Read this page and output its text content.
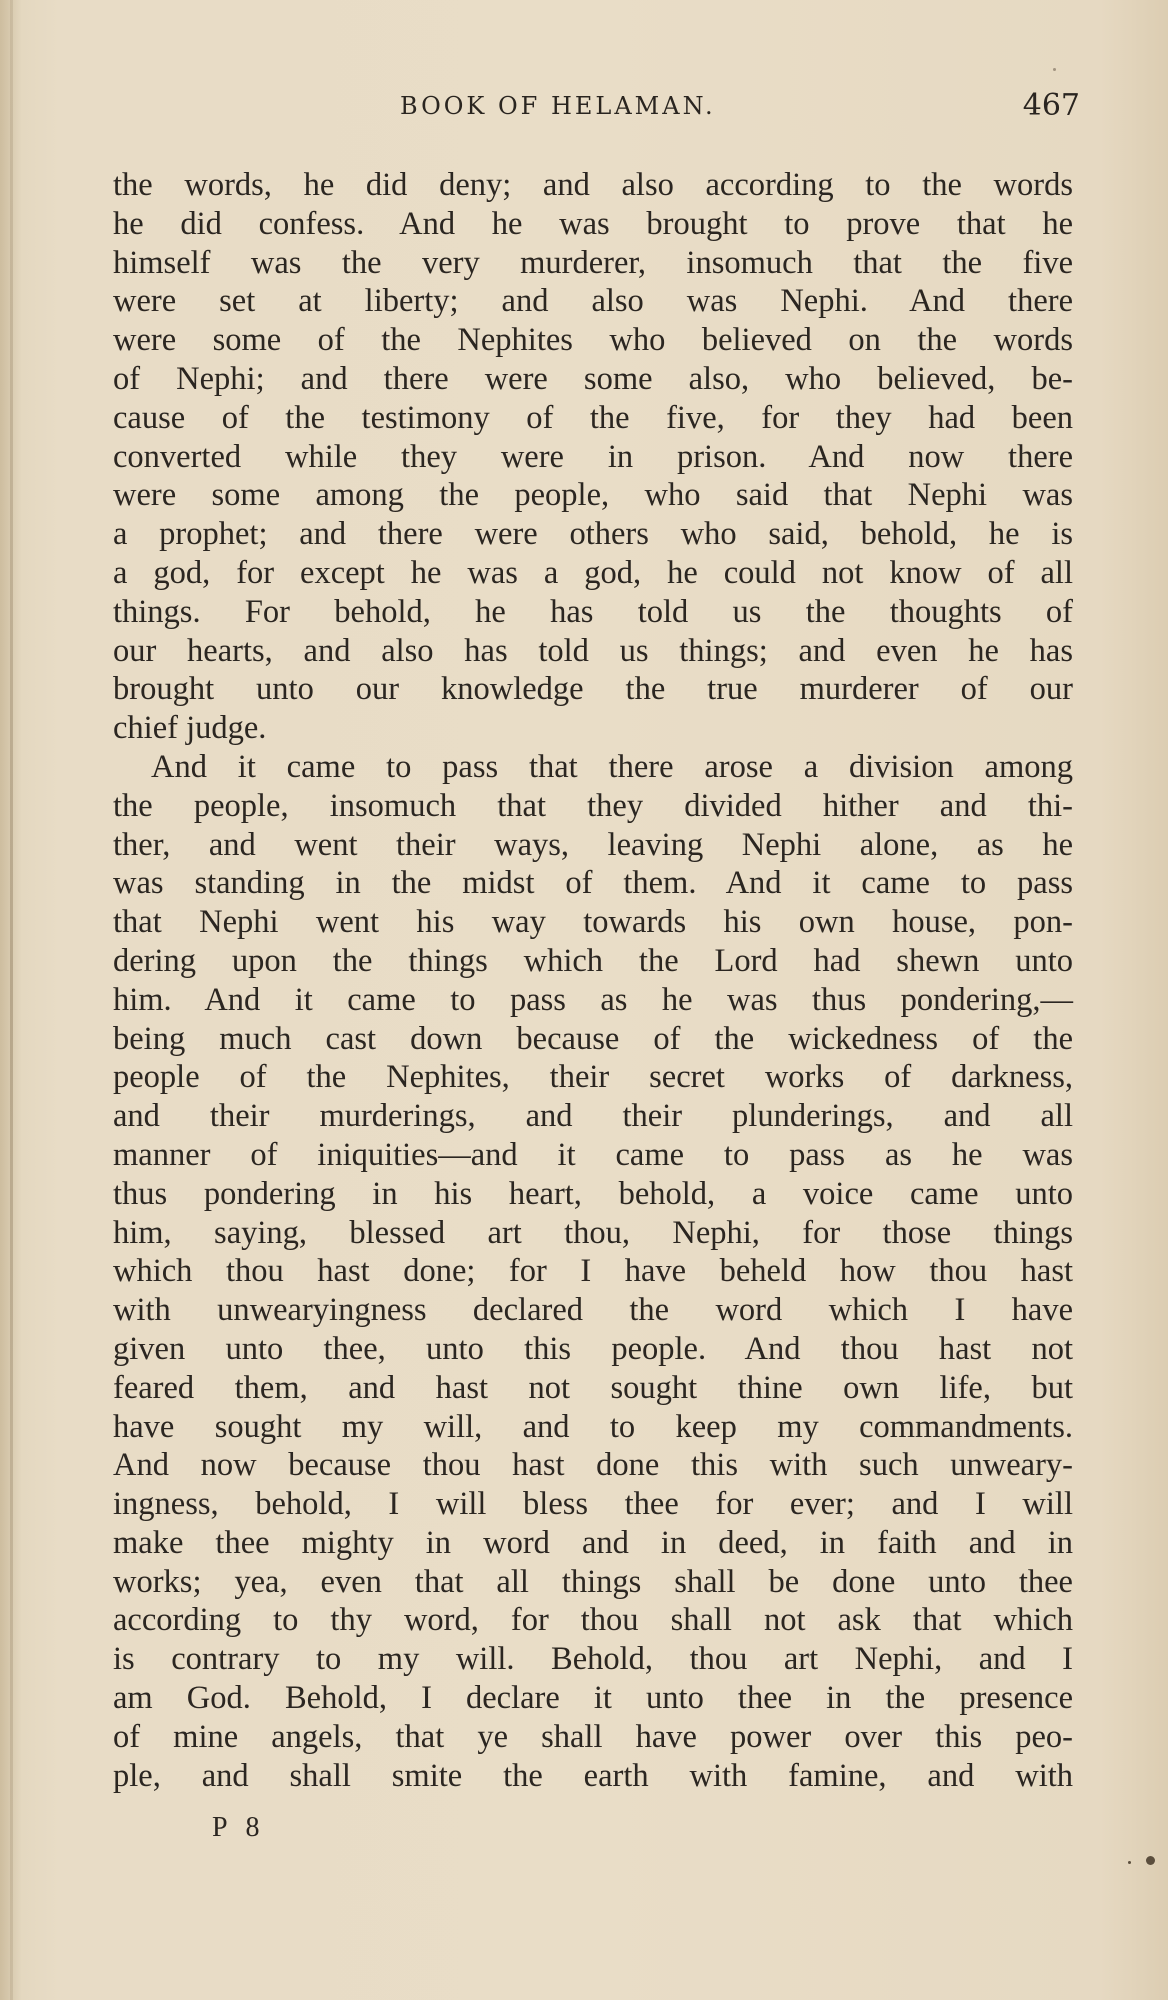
BOOK OF HELAMAN.	467
the words, he did deny; and also according to the words
he did confess. And he was brought to prove that he
himself was the very murderer, insomuch that the five
were set at liberty; and also was Nephi. And there
were some of the Nephites who believed on the words
of Nephi; and there were some also, who believed, be-
cause of the testimony of the five, for they had been
converted while they were in prison. And now there
were some among the people, who said that Nephi was
a prophet; and there were others who said, behold, he is
a god, for except he was a god, he could not know of all
things. For behold, he has told us the thoughts of
our hearts, and also has told us things; and even he has
brought unto our knowledge the true murderer of our
chief judge.
And it came to pass that there arose a division among
the people, insomuch that they divided hither and thi-
ther, and went their ways, leaving Nephi alone, as he
was standing in the midst of them. And it came to pass
that Nephi went his way towards his own house, pon-
dering upon the things which the Lord had shewn unto
him. And it came to pass as he was thus pondering,—
being much cast down because of the wickedness of the
people of the Nephites, their secret works of darkness,
and their murderings, and their plunderings, and all
manner of iniquities—and it came to pass as he was
thus pondering in his heart, behold, a voice came unto
him, saying, blessed art thou, Nephi, for those things
which thou hast done; for I have beheld how thou hast
with unwearyingness declared the word which I have
given unto thee, unto this people. And thou hast not
feared them, and hast not sought thine own life, but
have sought my will, and to keep my commandments.
And now because thou hast done this with such unweary-
ingness, behold, I will bless thee for ever; and I will
make thee mighty in word and in deed, in faith and in
works; yea, even that all things shall be done unto thee
according to thy word, for thou shall not ask that which
is contrary to my will. Behold, thou art Nephi, and I
am God. Behold, I declare it unto thee in the presence
of mine angels, that ye shall have power over this peo-
ple, and shall smite the earth with famine, and with
P 8
